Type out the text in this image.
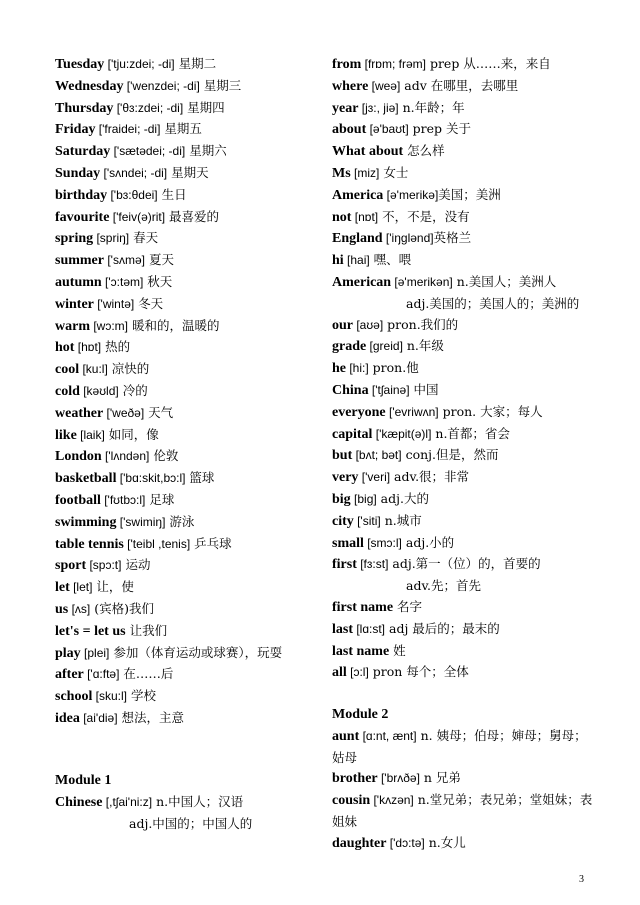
Tuesday ['tju:zdei; -di] 星期二
Wednesday ['wenzdei; -di] 星期三
Thursday ['θɜ:zdei; -di] 星期四
Friday ['fraidei; -di] 星期五
Saturday ['sætədei; -di] 星期六
Sunday ['sʌndei; -di] 星期天
birthday ['bɜ:θdei] 生日
favourite ['feiv(ə)rit] 最喜爱的
spring [spriŋ] 春天
summer ['sʌmə] 夏天
autumn ['ɔ:təm] 秋天
winter ['wintə] 冬天
warm [wɔ:m] 暖和的，温暖的
hot [hɒt] 热的
cool [ku:l] 凉快的
cold [kəʊld] 冷的
weather ['weðə] 天气
like [laik] 如同，像
London ['lʌndən] 伦敦
basketball ['bɑ:skit,bɔ:l] 篮球
football ['fʊtbɔ:l] 足球
swimming ['swimiŋ] 游泳
table tennis ['teibl ,tenis] 乒乓球
sport [spɔ:t] 运动
let [let] 让，使
us [ʌs] (宾格)我们
let's = let us 让我们
play [plei] 参加（体育运动或球赛），玩耍
after ['ɑ:ftə] 在……后
school [sku:l] 学校
idea [ai'diə] 想法，主意
Module 1
Chinese [,tʃai'ni:z] n.中国人；汉语
adj.中国的；中国人的
from [frɒm; frəm] prep 从……来，来自
where [weə] adv 在哪里，去哪里
year [jɜ:, jiə] n.年龄；年
about [ə'baʊt] prep 关于
What about 怎么样
Ms [miz] 女士
America [ə'merikə]美国；美洲
not [nɒt] 不，不是，没有
England ['iŋglənd]英格兰
hi [hai] 嘿、喂
American [ə'merikən] n.美国人；美洲人
adj.美国的；美国人的；美洲的
our [aʊə] pron.我们的
grade [greid] n.年级
he [hi:] pron.他
China ['tʃainə] 中国
everyone ['evriwʌn] pron. 大家；每人
capital ['kæpit(ə)l] n.首都；省会
but [bʌt; bət] conj.但是，然而
very ['veri] adv.很；非常
big [big] adj.大的
city ['siti] n.城市
small [smɔ:l] adj.小的
first [fɜ:st] adj.第一（位）的，首要的
adv.先；首先
first name 名字
last [lɑ:st] adj 最后的；最末的
last name 姓
all [ɔ:l] pron 每个；全体
Module 2
aunt [ɑ:nt, ænt] n. 姨母；伯母；婶母；舅母；姑母
brother ['brʌðə] n 兄弟
cousin ['kʌzən] n.堂兄弟；表兄弟；堂姐妹；表姐妹
daughter ['dɔ:tə] n.女儿
3
